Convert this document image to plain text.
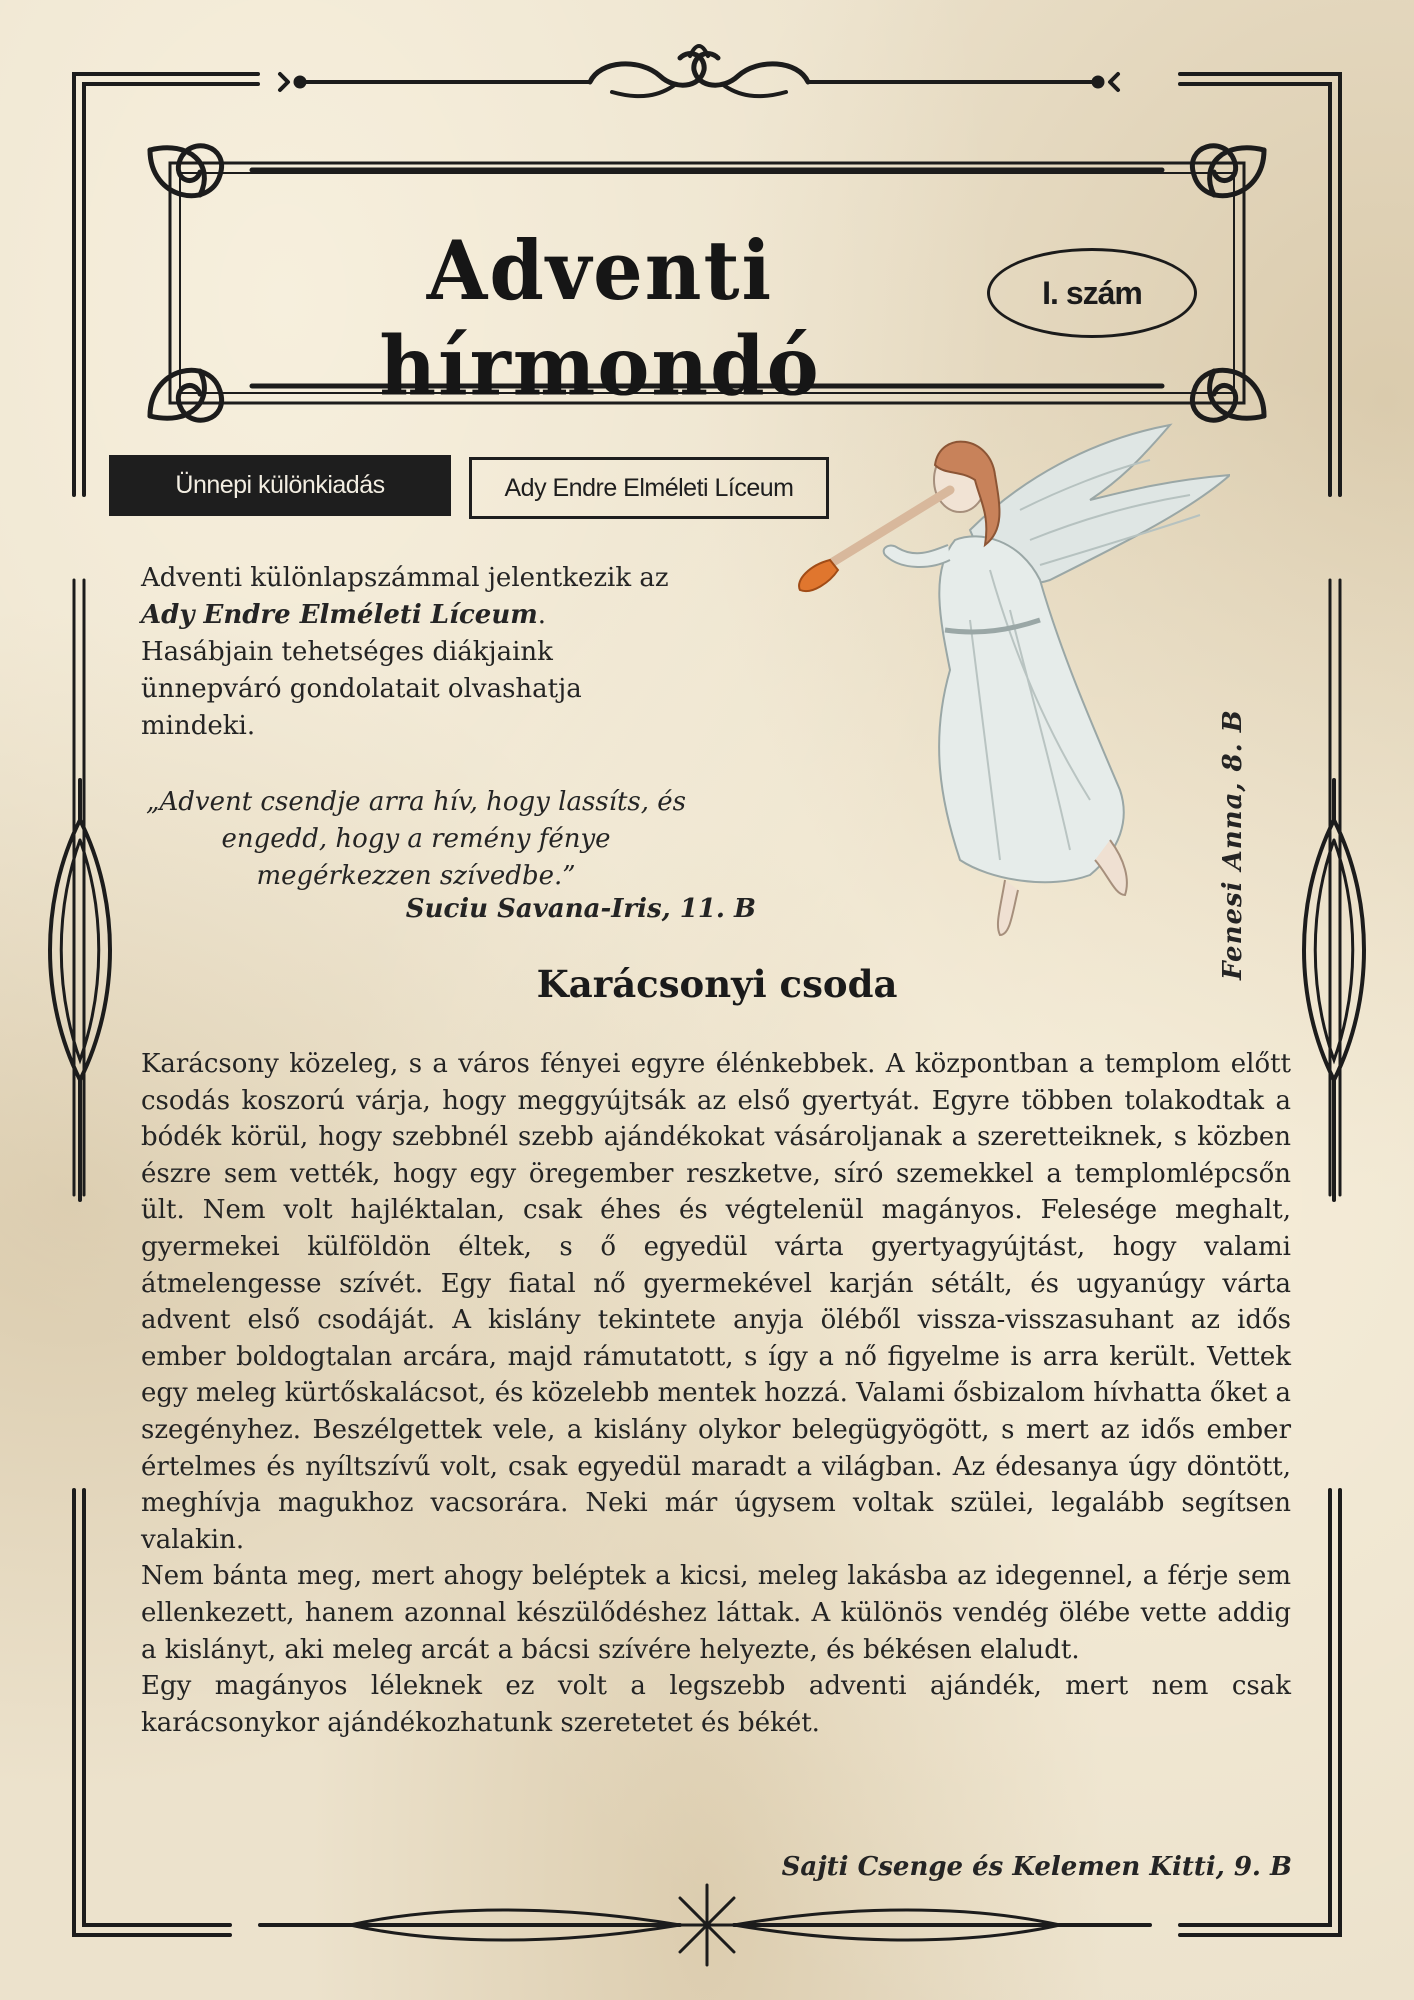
Adventi hírmondó
I. szám
Ünnepi különkiadás	Ady Endre Elméleti Líceum
Adventi különlapszámmal jelentkezik az
Ady Endre Elméleti Líceum.
Hasábjain tehetséges diákjaink ünnepváró gondolatait olvashatja mindeki.
„Advent csendje arra hív, hogy lassíts, és engedd, hogy a remény fénye megérkezzen szívedbe.”
Suciu Savana-Iris, 11. B	Fenesi Anna, 8. B
Karácsonyi csoda

Karácsony közeleg, s a város fényei egyre élénkebbek. A központban a templom előtt csodás koszorú várja, hogy meggyújtsák az első gyertyát. Egyre többen tolakodtak a bódék körül, hogy szebbnél szebb ajándékokat vásároljanak a szeretteiknek, s közben észre sem vették, hogy egy öregember reszketve, síró szemekkel a templomlépcsőn ült. Nem volt hajléktalan, csak éhes és végtelenül magányos. Felesége meghalt, gyermekei külföldön éltek, s ő egyedül várta gyertyagyújtást, hogy valami átmelengesse szívét. Egy fiatal nő gyermekével karján sétált, és ugyanúgy várta advent első csodáját. A kislány tekintete anyja öléből vissza-visszasuhant az idős ember boldogtalan arcára, majd rámutatott, s így a nő figyelme is arra került. Vettek egy meleg kürtőskalácsot, és közelebb mentek hozzá. Valami ősbizalom hívhatta őket a szegényhez. Beszélgettek vele, a kislány olykor belegügyögött, s mert az idős ember értelmes és nyíltszívű volt, csak egyedül maradt a világban. Az édesanya úgy döntött, meghívja magukhoz vacsorára. Neki már úgysem voltak szülei, legalább segítsen valakin.

Nem bánta meg, mert ahogy beléptek a kicsi, meleg lakásba az idegennel, a férje sem ellenkezett, hanem azonnal készülődéshez láttak. A különös vendég ölébe vette addig a kislányt, aki meleg arcát a bácsi szívére helyezte, és békésen elaludt.

Egy magányos léleknek ez volt a legszebb adventi ajándék, mert nem csak karácsonykor ajándékozhatunk szeretetet és békét.

Sajti Csenge és Kelemen Kitti, 9. B
